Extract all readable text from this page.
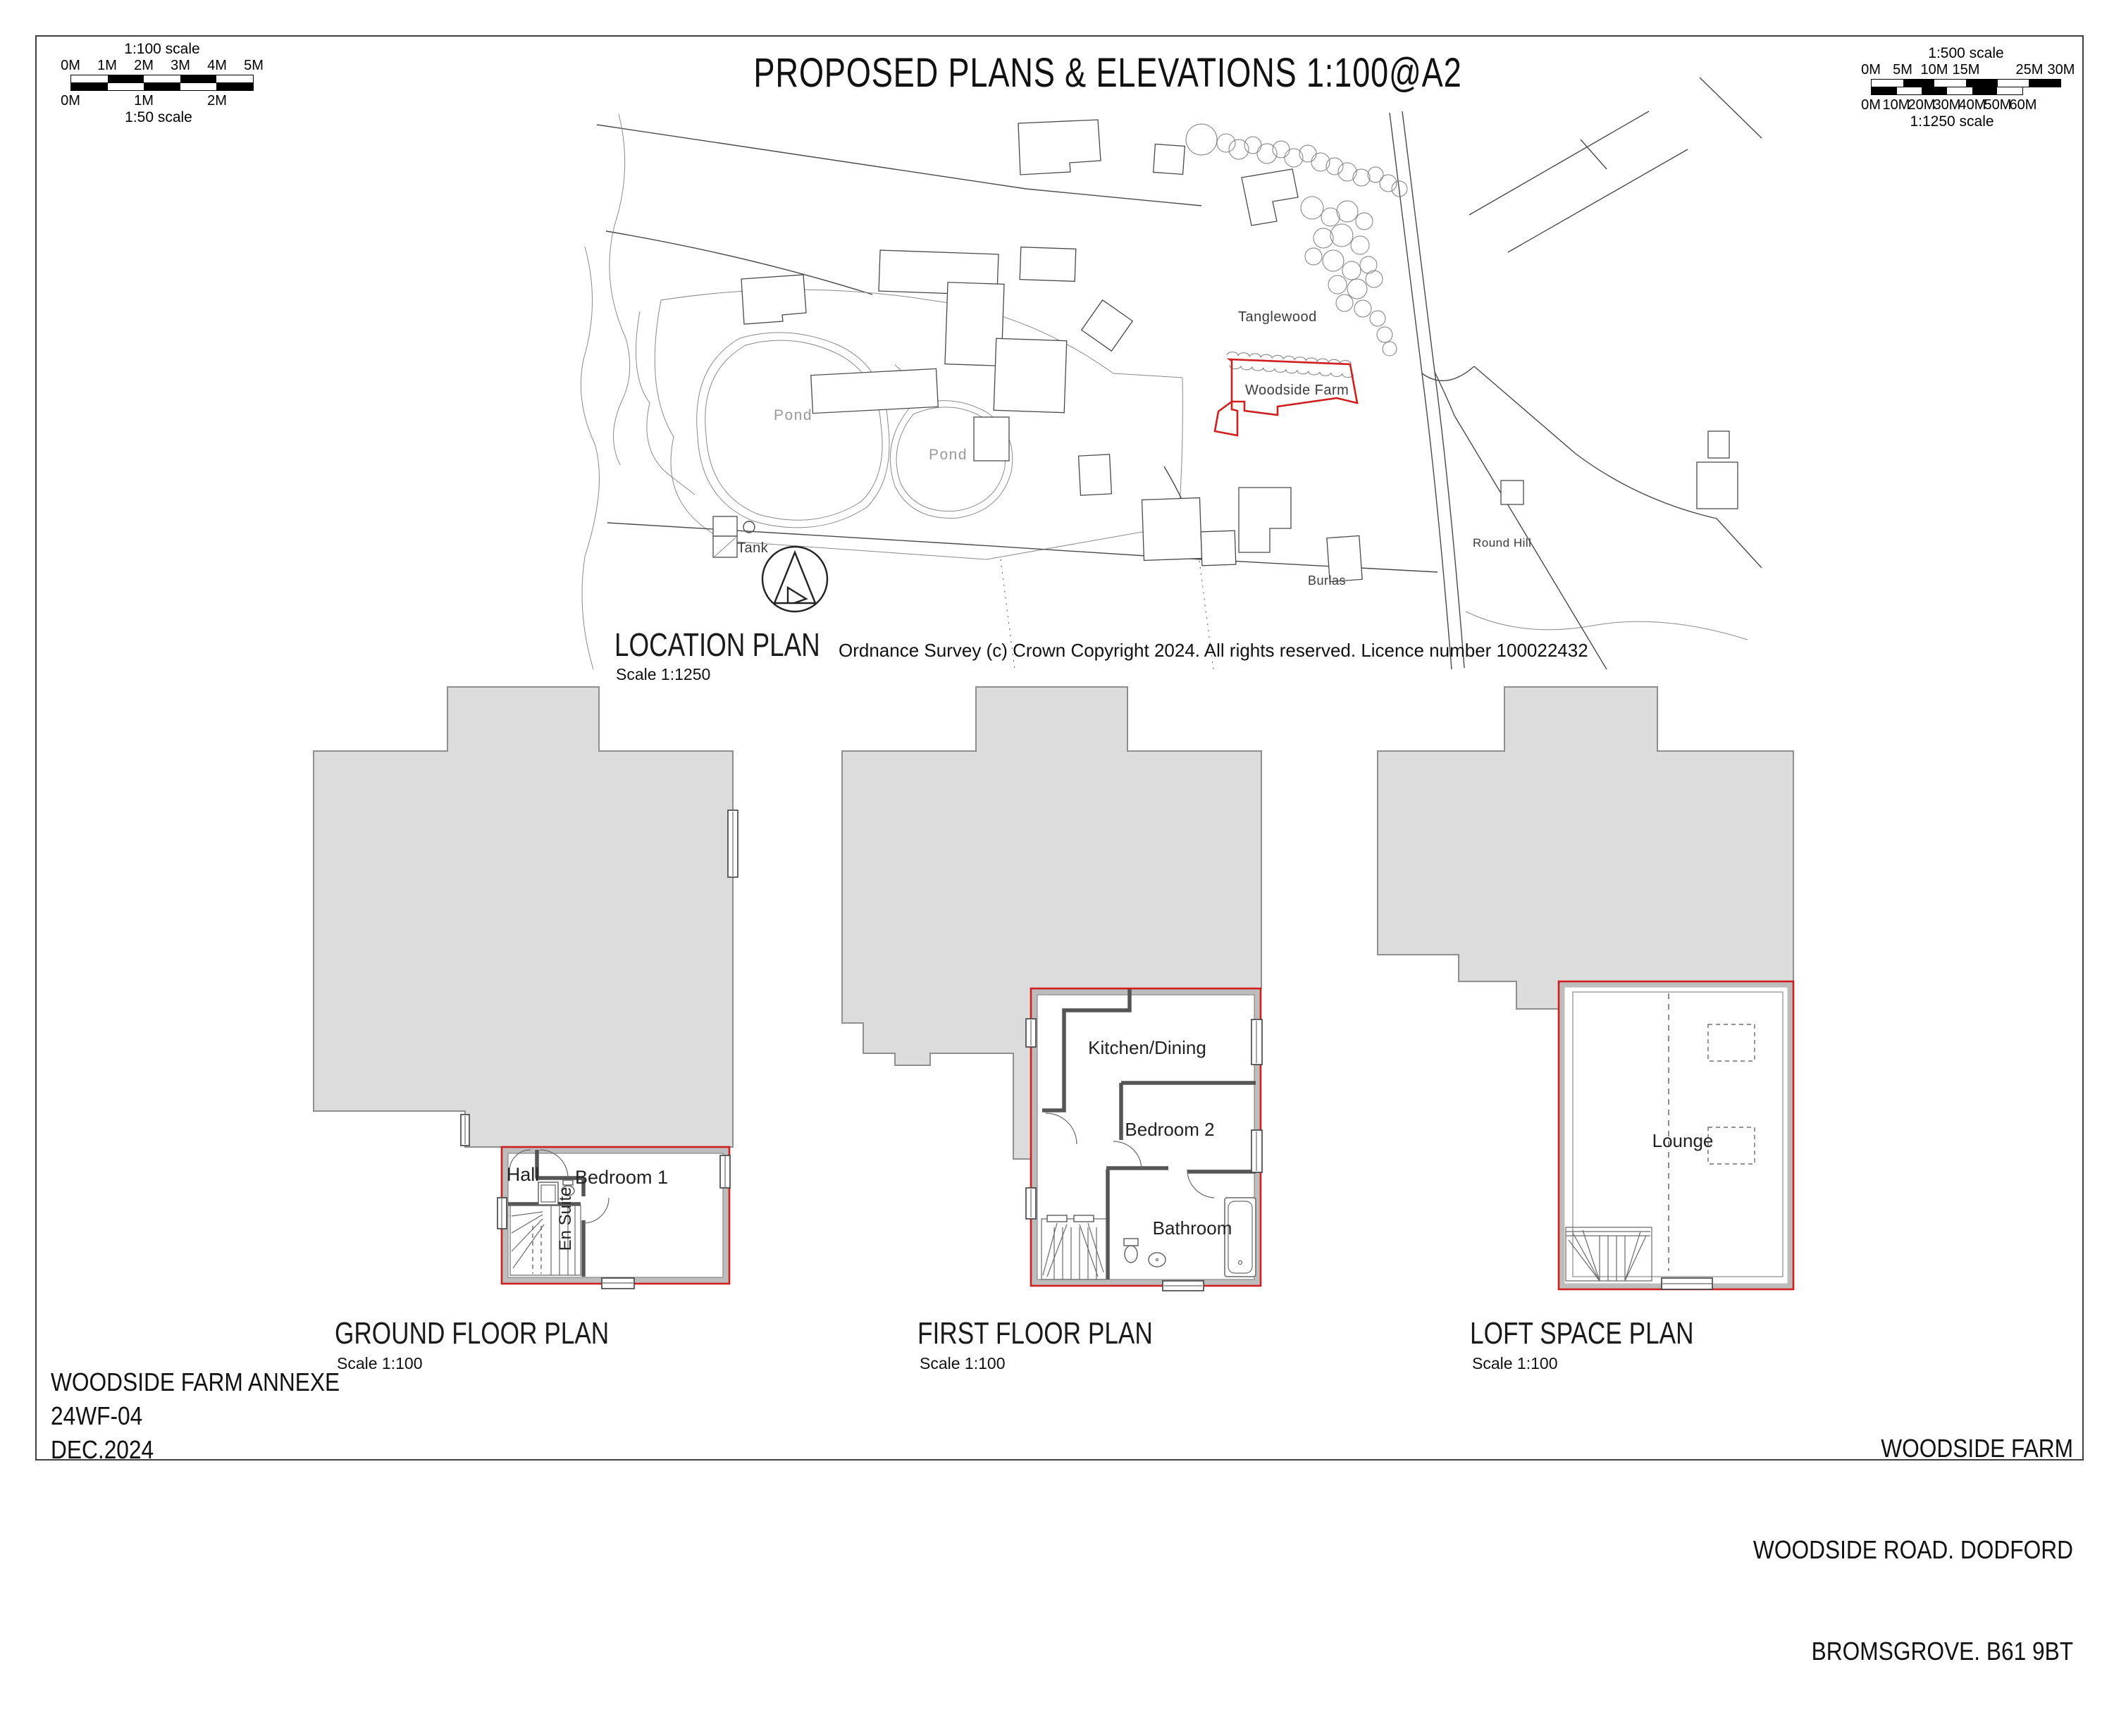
1:100 scale
0M 1M 2M 3M 4M 5M
0M	1M	2M
1:50 scale
1:500 scale
0M 5M 10M 15M	25M 30M
0M 10M
20M
30M
40M
50M
60M
1:1250 scale
PROPOSED PLANS & ELEVATIONS 1:100@A2
Tanglewood
Woodside Farm
Pond
Pond
Tank
Burlas
Round Hill
LOCATION PLAN	Ordnance Survey (c) Crown Copyright 2024. All rights reserved. Licence number 100022432
Scale 1:1250
Hall Bedroom 1
En Suite
Kitchen/Dining
Bedroom 2
Bathroom
Lounge
GROUND FLOOR PLAN
Scale 1:100
FIRST FLOOR PLAN
Scale 1:100
LOFT SPACE PLAN
Scale 1:100
WOODSIDE FARM ANNEXE
24WF-04
DEC.2024

	WOODSIDE FARM

WOODSIDE ROAD. DODFORD

BROMSGROVE. B61 9BT
